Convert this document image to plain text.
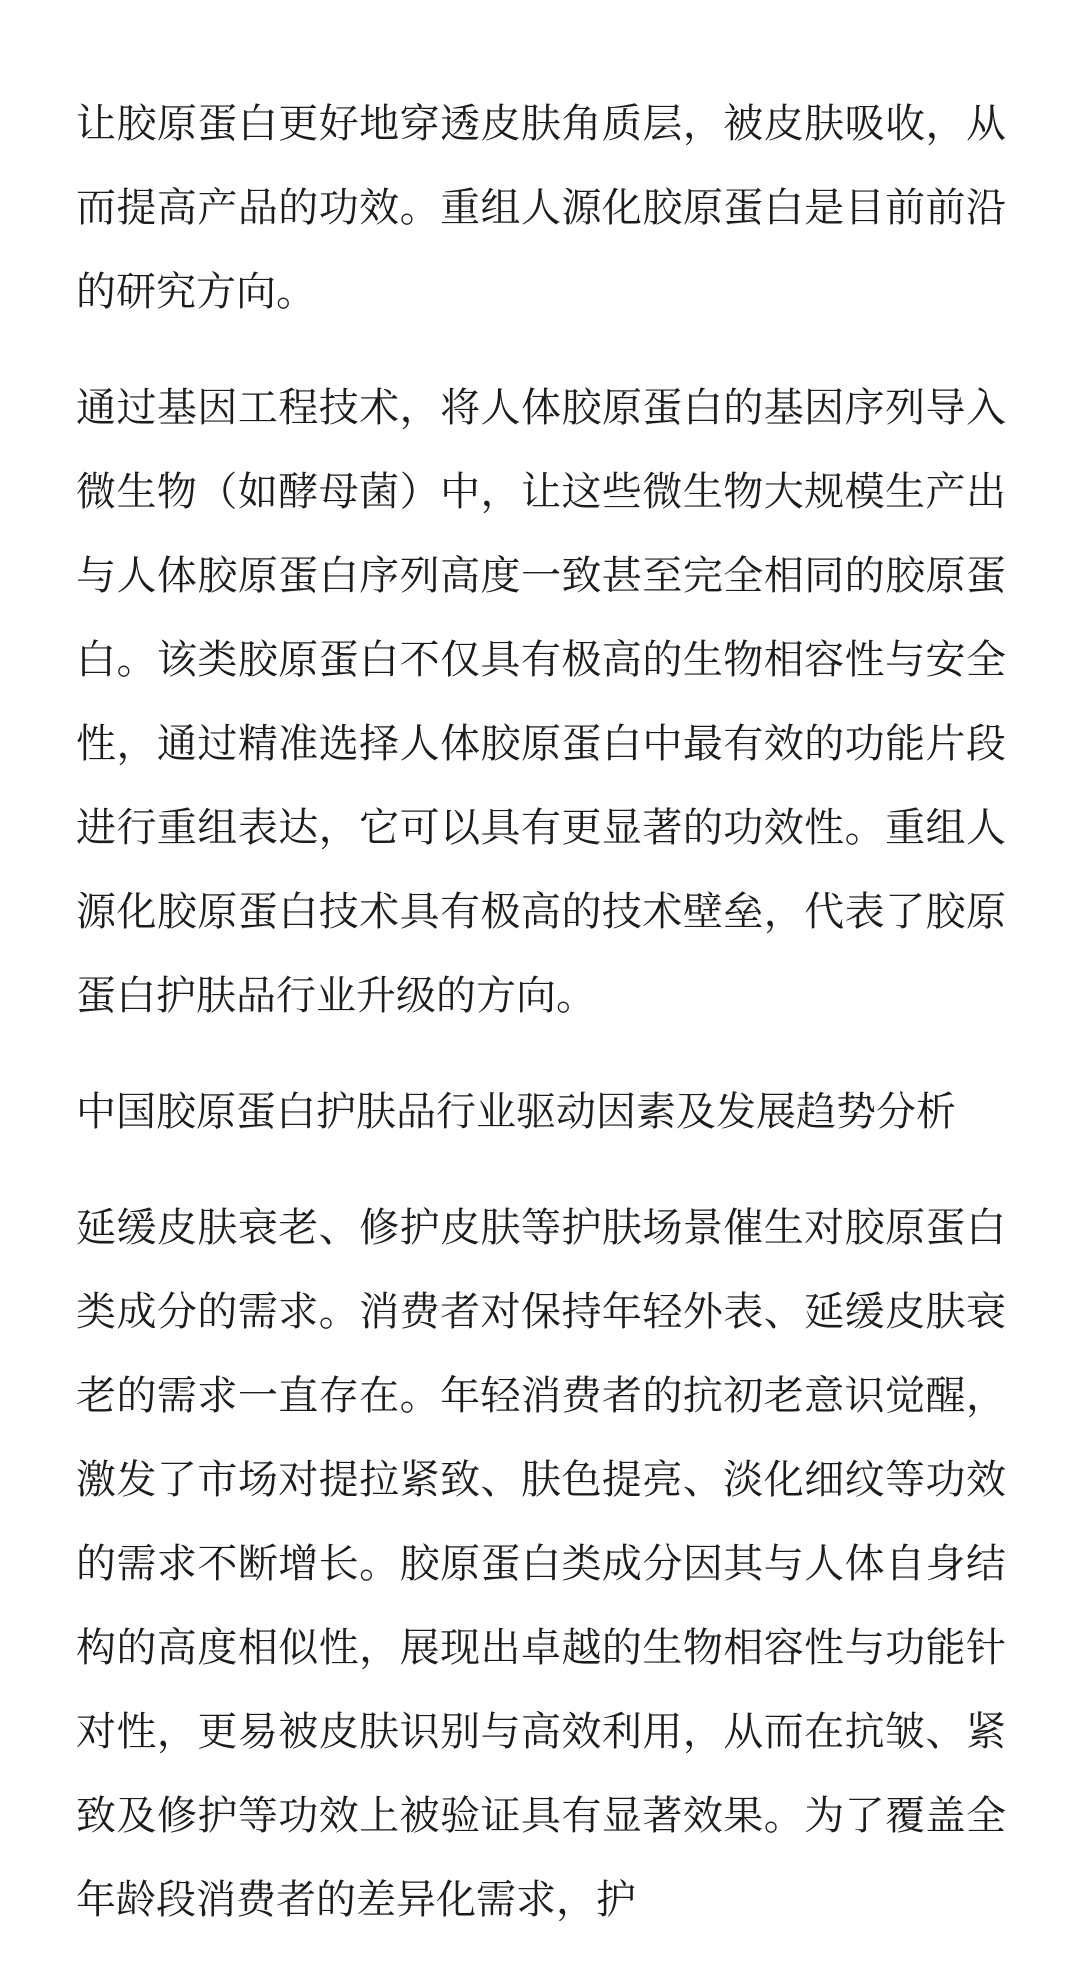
让胶原蛋白更好地穿透皮肤角质层，被皮肤吸收，从而提高产品的功效。重组人源化胶原蛋白是目前前沿的研究方向。

通过基因工程技术，将人体胶原蛋白的基因序列导入微生物（如酵母菌）中，让这些微生物大规模生产出与人体胶原蛋白序列高度一致甚至完全相同的胶原蛋白。该类胶原蛋白不仅具有极高的生物相容性与安全性，通过精准选择人体胶原蛋白中最有效的功能片段进行重组表达，它可以具有更显著的功效性。重组人源化胶原蛋白技术具有极高的技术壁垒，代表了胶原蛋白护肤品行业升级的方向。

中国胶原蛋白护肤品行业驱动因素及发展趋势分析

延缓皮肤衰老、修护皮肤等护肤场景催生对胶原蛋白类成分的需求。消费者对保持年轻外表、延缓皮肤衰老的需求一直存在。年轻消费者的抗初老意识觉醒，激发了市场对提拉紧致、肤色提亮、淡化细纹等功效的需求不断增长。胶原蛋白类成分因其与人体自身结构的高度相似性，展现出卓越的生物相容性与功能针对性，更易被皮肤识别与高效利用，从而在抗皱、紧致及修护等功效上被验证具有显著效果。为了覆盖全年龄段消费者的差异化需求，护
